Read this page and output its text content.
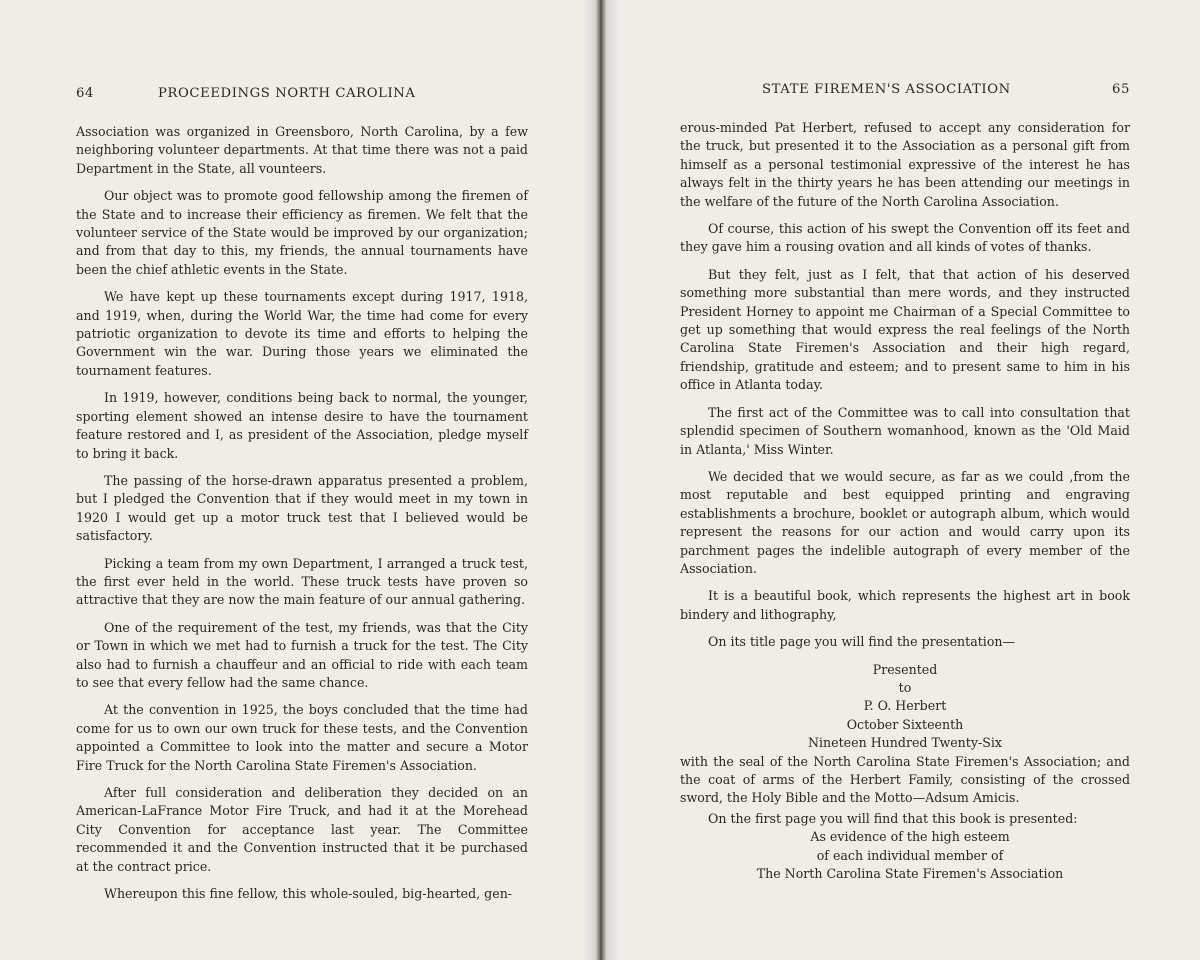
64	PROCEEDINGS NORTH CAROLINA

Association was organized in Greensboro, North Carolina, by a few neighboring volunteer departments. At that time there was not a paid Department in the State, all vounteers.

Our object was to promote good fellowship among the firemen of the State and to increase their efficiency as firemen. We felt that the volunteer service of the State would be improved by our organization; and from that day to this, my friends, the annual tournaments have been the chief athletic events in the State.

We have kept up these tournaments except during 1917, 1918, and 1919, when, during the World War, the time had come for every patriotic organization to devote its time and efforts to helping the Government win the war. During those years we eliminated the tournament features.

In 1919, however, conditions being back to normal, the younger, sporting element showed an intense desire to have the tournament feature restored and I, as president of the Association, pledge myself to bring it back.

The passing of the horse-drawn apparatus presented a problem, but I pledged the Convention that if they would meet in my town in 1920 I would get up a motor truck test that I believed would be satisfactory.

Picking a team from my own Department, I arranged a truck test, the first ever held in the world. These truck tests have proven so attractive that they are now the main feature of our annual gathering.

One of the requirement of the test, my friends, was that the City or Town in which we met had to furnish a truck for the test. The City also had to furnish a chauffeur and an official to ride with each team to see that every fellow had the same chance.

At the convention in 1925, the boys concluded that the time had come for us to own our own truck for these tests, and the Convention appointed a Committee to look into the matter and secure a Motor Fire Truck for the North Carolina State Firemen's Association.

After full consideration and deliberation they decided on an American-LaFrance Motor Fire Truck, and had it at the Morehead City Convention for acceptance last year. The Committee recommended it and the Convention instructed that it be purchased at the contract price.

Whereupon this fine fellow, this whole-souled, big-hearted, gen-

STATE FIREMEN'S ASSOCIATION	65

erous-minded Pat Herbert, refused to accept any consideration for the truck, but presented it to the Association as a personal gift from himself as a personal testimonial expressive of the interest he has always felt in the thirty years he has been attending our meetings in the welfare of the future of the North Carolina Association.

Of course, this action of his swept the Convention off its feet and they gave him a rousing ovation and all kinds of votes of thanks.

But they felt, just as I felt, that that action of his deserved something more substantial than mere words, and they instructed President Horney to appoint me Chairman of a Special Committee to get up something that would express the real feelings of the North Carolina State Firemen's Association and their high regard, friendship, gratitude and esteem; and to present same to him in his office in Atlanta today.

The first act of the Committee was to call into consultation that splendid specimen of Southern womanhood, known as the 'Old Maid in Atlanta,' Miss Winter.

We decided that we would secure, as far as we could ,from the most reputable and best equipped printing and engraving establishments a brochure, booklet or autograph album, which would represent the reasons for our action and would carry upon its parchment pages the indelible autograph of every member of the Association.

It is a beautiful book, which represents the highest art in book bindery and lithography,

On its title page you will find the presentation—

Presented

to

P. O. Herbert

October Sixteenth

Nineteen Hundred Twenty-Six

with the seal of the North Carolina State Firemen's Association; and the coat of arms of the Herbert Family, consisting of the crossed sword, the Holy Bible and the Motto—Adsum Amicis.

On the first page you will find that this book is presented:

As evidence of the high esteem

of each individual member of

The North Carolina State Firemen's Association
